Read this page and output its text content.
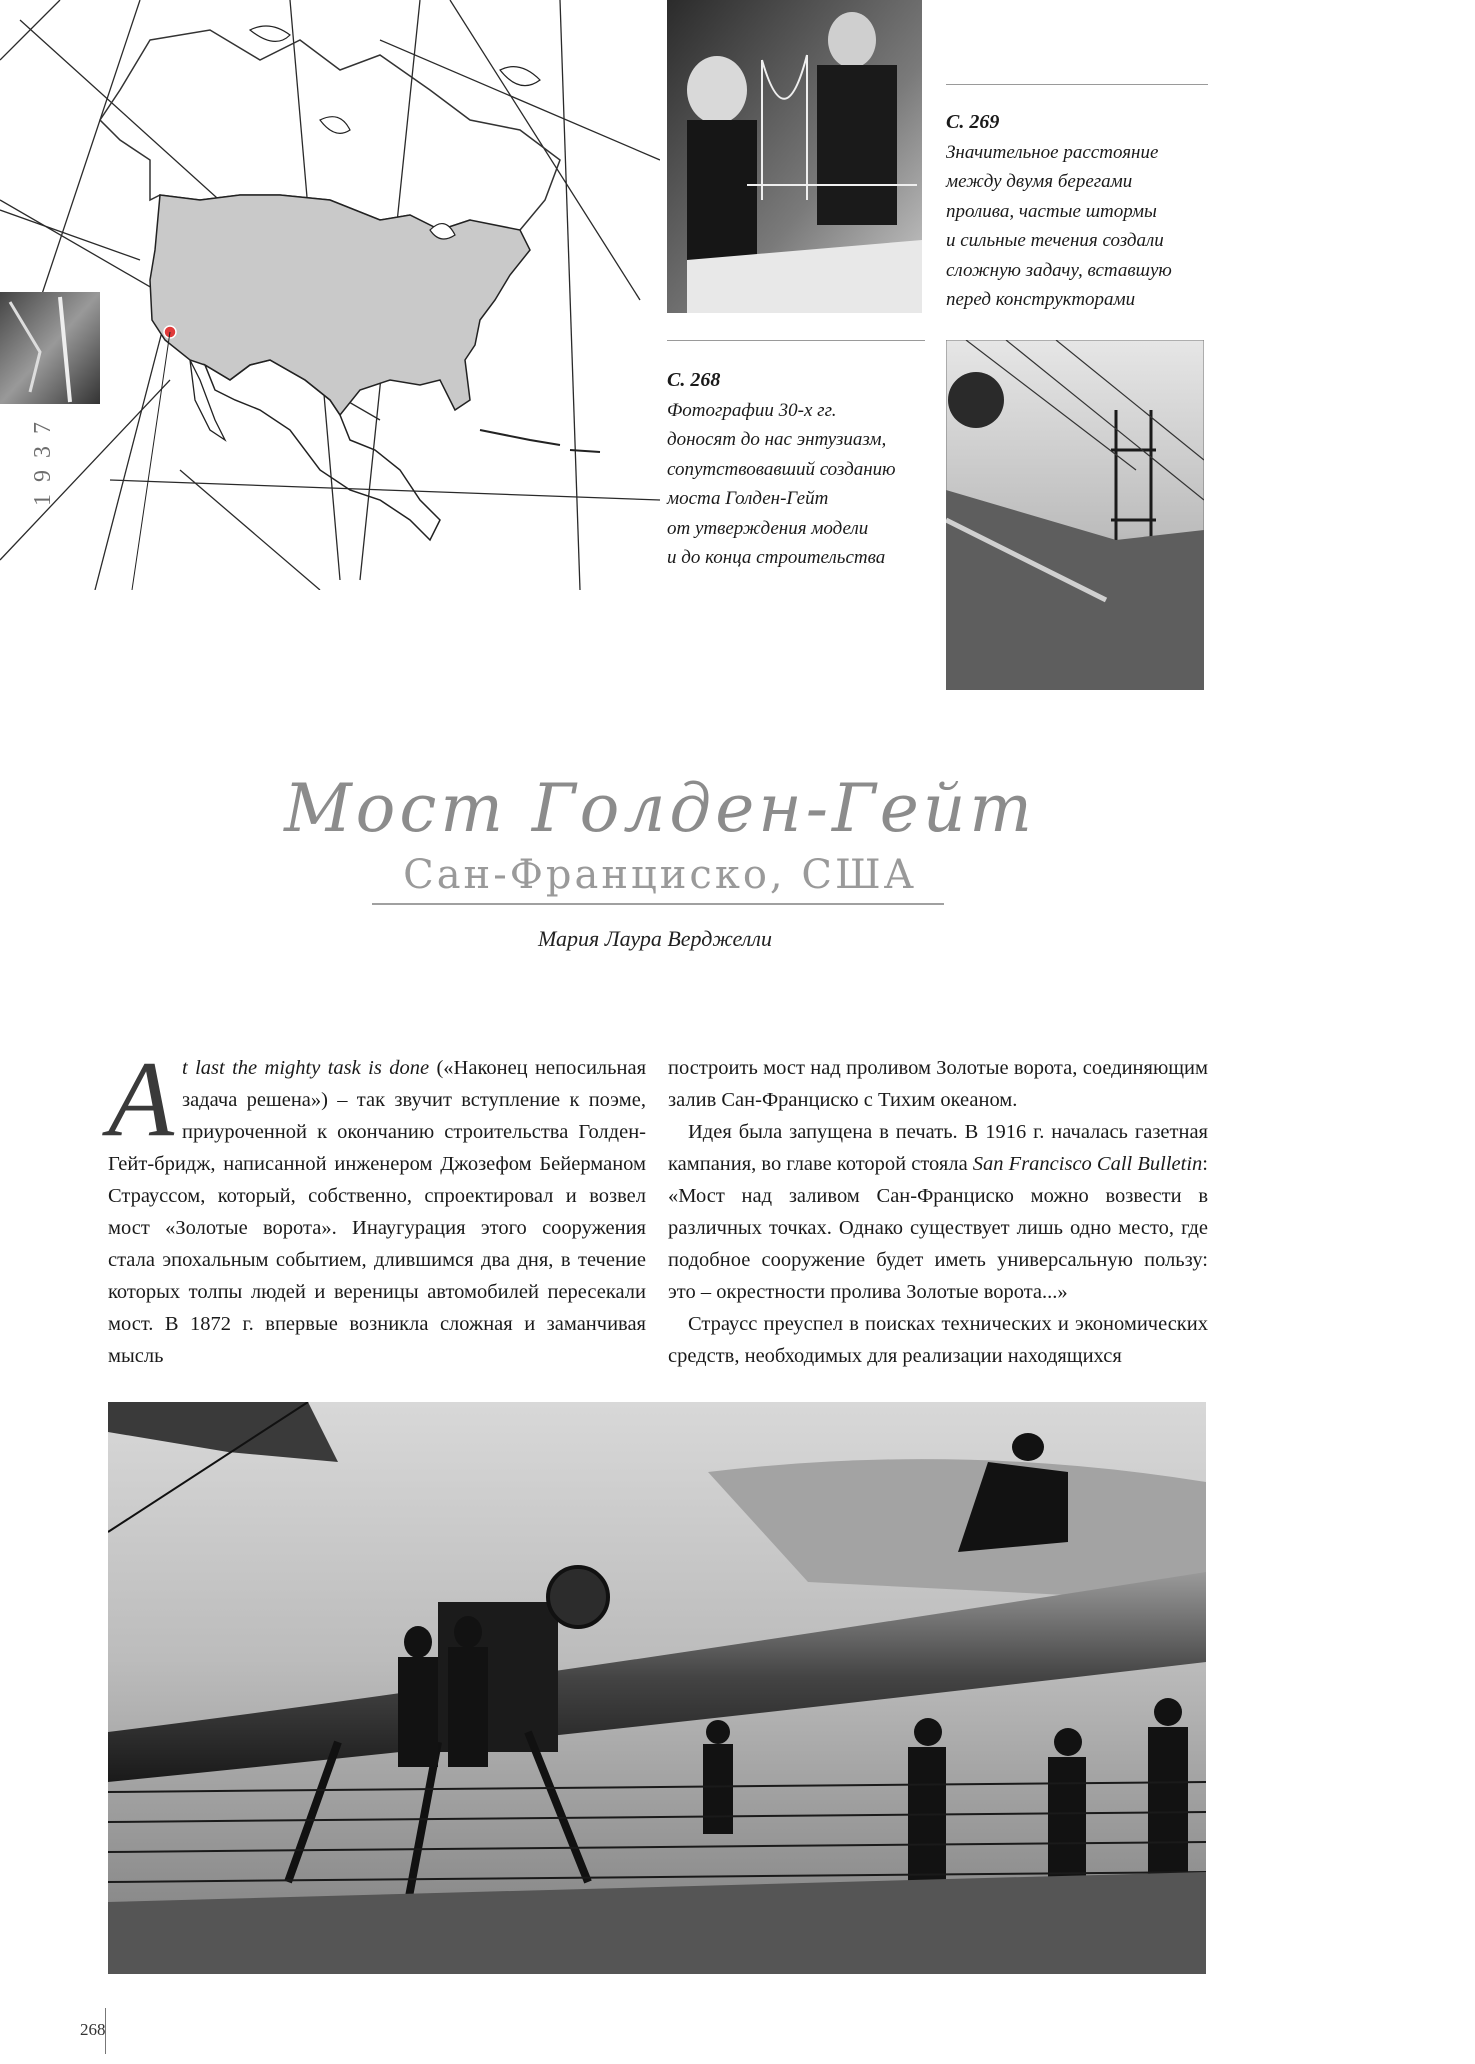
1937
С. 269
Значительное расстояние
между двумя берегами
пролива, частые штормы
и сильные течения создали
сложную задачу, вставшую
перед конструкторами
С. 268
Фотографии 30-х гг.
доносят до нас энтузиазм,
сопутствовавший созданию
моста Голден-Гейт
от утверждения модели
и до конца строительства
Мост Голден-Гейт
Сан-Франциско, США
Мария Лаура Верджелли

At last the mighty task is done («Наконец непосильная задача решена») – так звучит вступление к поэме, приуроченной к окончанию строительства Голден-Гейт-бридж, написанной инженером Джозефом Бейерманом Страуссом, который, собственно, спроектировал и возвел мост «Золотые ворота». Инаугурация этого сооружения стала эпохальным событием, длившимся два дня, в течение которых толпы людей и вереницы автомобилей пересекали мост. В 1872 г. впервые возникла сложная и заманчивая мысль

построить мост над проливом Золотые ворота, соединяющим залив Сан-Франциско с Тихим океаном.

Идея была запущена в печать. В 1916 г. началась газетная кампания, во главе которой стояла San Francisco Call Bulletin: «Мост над заливом Сан-Франциско можно возвести в различных точках. Однако существует лишь одно место, где подобное сооружение будет иметь универсальную пользу: это – окрестности пролива Золотые ворота...»

Страусс преуспел в поисках технических и экономических средств, необходимых для реализации находящихся

268
